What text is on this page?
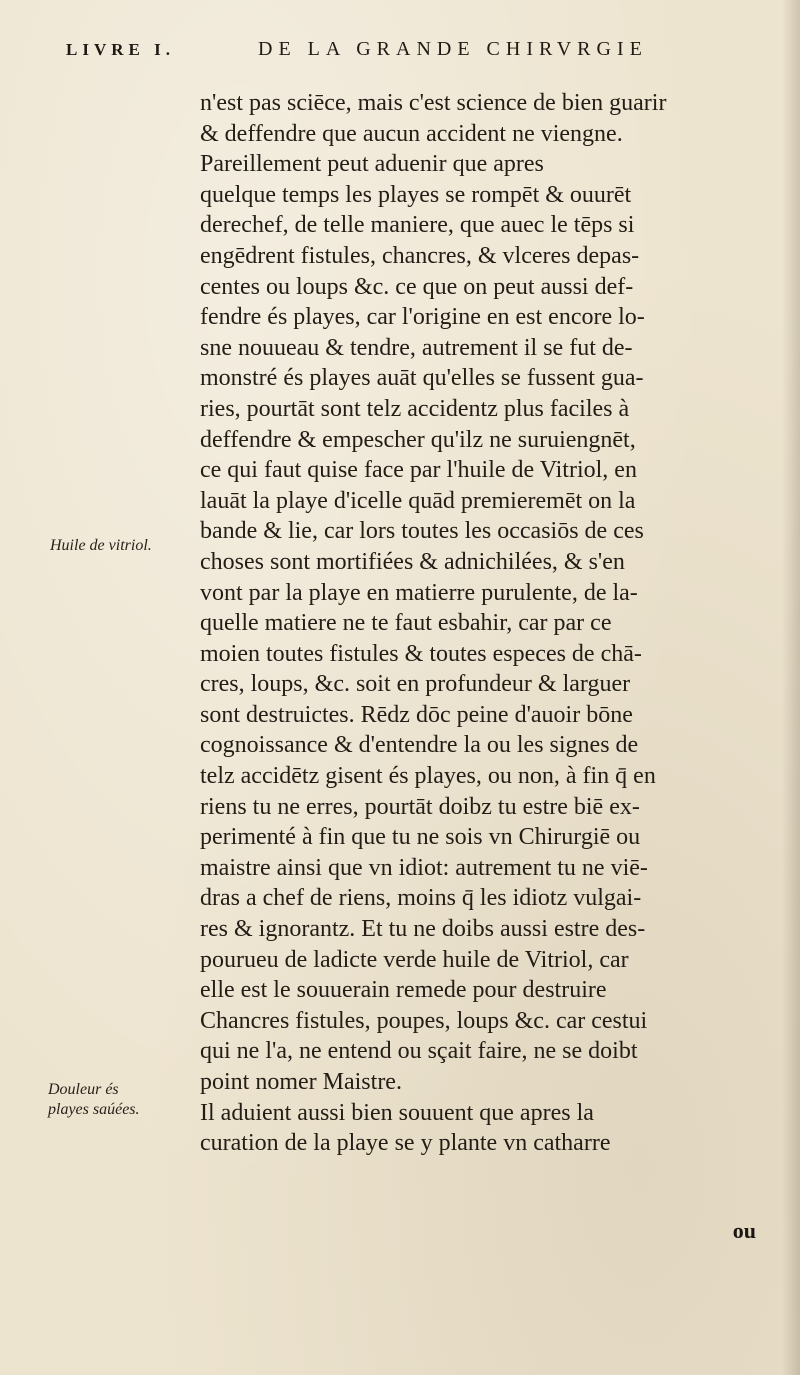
LIVRE I.	DE LA GRANDE CHIRVRGIE
Huile de vitriol.
Douleur és playes saúées.
n'est pas sciēce, mais c'est science de bien guarir
& deffendre que aucun accident ne viengne.
Pareillement peut aduenir que apres
quelque temps les playes se rompēt & ouurēt
derechef, de telle maniere, que auec le tēps si
engēdrent fistules, chancres, & vlceres depas-
centes ou loups &c. ce que on peut aussi def-
fendre és playes, car l'origine en est encore lo-
sne nouueau & tendre, autrement il se fut de-
monstré és playes auāt qu'elles se fussent gua-
ries, pourtāt sont telz accidentz plus faciles à
deffendre & empescher qu'ilz ne suruiengnēt,
ce qui faut quise face par l'huile de Vitriol, en
lauāt la playe d'icelle quād premieremēt on la
bande & lie, car lors toutes les occasiōs de ces
choses sont mortifiées & adnichilées, & s'en
vont par la playe en matierre purulente, de la-
quelle matiere ne te faut esbahir, car par ce
moien toutes fistules & toutes especes de chā-
cres, loups, &c. soit en profundeur & larguer
sont destruictes. Rēdz dōc peine d'auoir bōne
cognoissance & d'entendre la ou les signes de
telz accidētz gisent és playes, ou non, à fin q̄ en
riens tu ne erres, pourtāt doibz tu estre biē ex-
perimenté à fin que tu ne sois vn Chirurgiē ou
maistre ainsi que vn idiot: autrement tu ne viē-
dras a chef de riens, moins q̄ les idiotz vulgai-
res & ignorantz. Et tu ne doibs aussi estre des-
pourueu de ladicte verde huile de Vitriol, car
elle est le souuerain remede pour destruire
Chancres fistules, poupes, loups &c. car cestui
qui ne l'a, ne entend ou sçait faire, ne se doibt
point nomer Maistre.
Il aduient aussi bien souuent que apres la
curation de la playe se y plante vn catharre
ou
